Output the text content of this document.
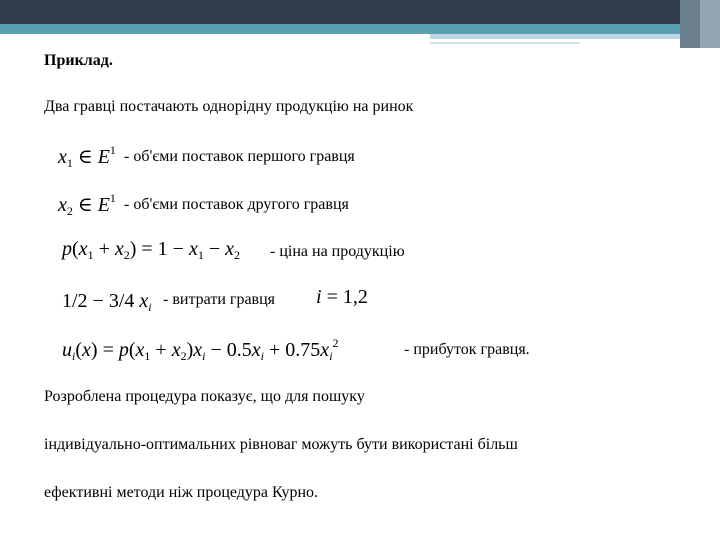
Приклад.
Два гравці постачають однорідну продукцію на ринок
$x_1$ ∈ $E^1 - об'єми$ поставок першого гравця
$x_2$ ∈ $E^1 - об'єми$ поставок другого гравця
$p(x_1 + x_2) = 1 - x_1 - x_2$ - ціна на продукцію
1/2 − 3/4 $x_i$ - витрати гравця i = 1,2
$u_i(x) = p(x_1 + x_2)x_i - 0.5x_i + 0.75x_i^2$	- прибуток гравця.
Розроблена процедура показує, що для пошуку
індивідуально-оптимальних рівноваг можуть бути використані більш
ефективні методи ніж процедура Курно.
